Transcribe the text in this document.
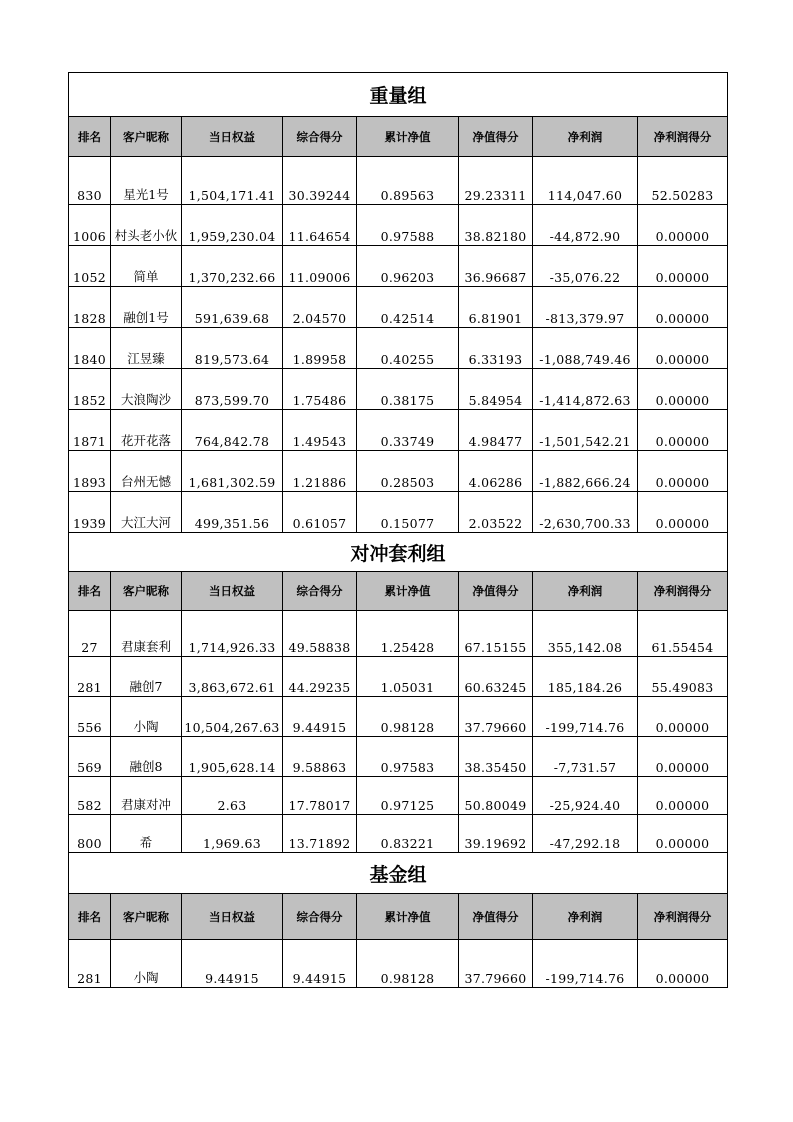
重量组							
排名	客户昵称	当日权益	综合得分	累计净值	净值得分	净利润	净利润得分
830	星光1号	1,504,171.41	30.39244	0.89563	29.23311	114,047.60	52.50283
1006	村头老小伙	1,959,230.04	11.64654	0.97588	38.82180	-44,872.90	0.00000
1052	简单	1,370,232.66	11.09006	0.96203	36.96687	-35,076.22	0.00000
1828	融创1号	591,639.68	2.04570	0.42514	6.81901	-813,379.97	0.00000
1840	江昱臻	819,573.64	1.89958	0.40255	6.33193	-1,088,749.46	0.00000
1852	大浪陶沙	873,599.70	1.75486	0.38175	5.84954	-1,414,872.63	0.00000
1871	花开花落	764,842.78	1.49543	0.33749	4.98477	-1,501,542.21	0.00000
1893	台州无憾	1,681,302.59	1.21886	0.28503	4.06286	-1,882,666.24	0.00000
1939	大江大河	499,351.56	0.61057	0.15077	2.03522	-2,630,700.33	0.00000
对冲套利组							
排名	客户昵称	当日权益	综合得分	累计净值	净值得分	净利润	净利润得分
27	君康套利	1,714,926.33	49.58838	1.25428	67.15155	355,142.08	61.55454
281	融创7	3,863,672.61	44.29235	1.05031	60.63245	185,184.26	55.49083
556	小陶	10,504,267.63	9.44915	0.98128	37.79660	-199,714.76	0.00000
569	融创8	1,905,628.14	9.58863	0.97583	38.35450	-7,731.57	0.00000
582	君康对冲	2.63	17.78017	0.97125	50.80049	-25,924.40	0.00000
800	希	1,969.63	13.71892	0.83221	39.19692	-47,292.18	0.00000
基金组							
排名	客户昵称	当日权益	综合得分	累计净值	净值得分	净利润	净利润得分
281	小陶	9.44915	9.44915	0.98128	37.79660	-199,714.76	0.00000
